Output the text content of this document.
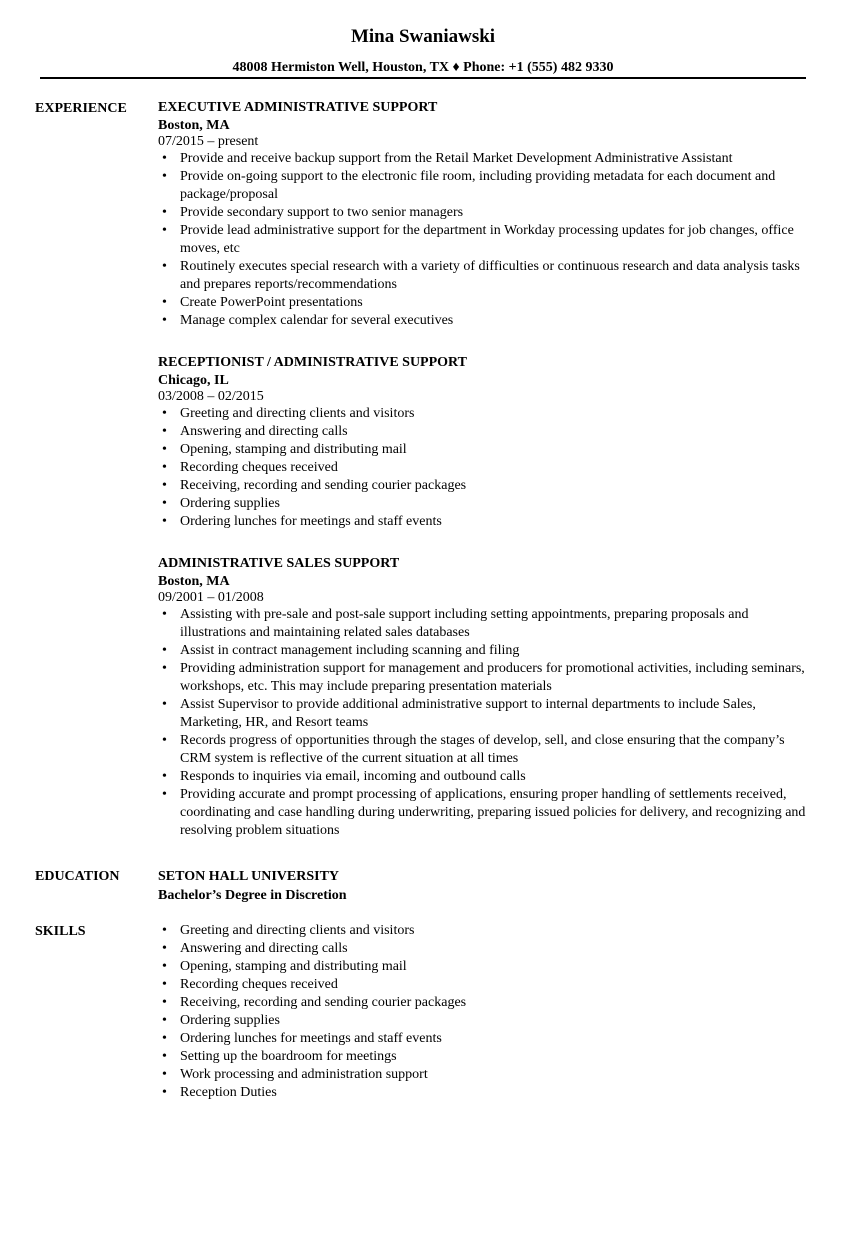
Mina Swaniawski
48008 Hermiston Well, Houston, TX ♦ Phone: +1 (555) 482 9330
EXPERIENCE EXECUTIVE ADMINISTRATIVE SUPPORT
Boston, MA
07/2015 – present
• Provide and receive backup support from the Retail Market Development Administrative Assistant
• Provide on-going support to the electronic file room, including providing metadata for each document and package/proposal
• Provide secondary support to two senior managers
• Provide lead administrative support for the department in Workday processing updates for job changes, office moves, etc
• Routinely executes special research with a variety of difficulties or continuous research and data analysis tasks and prepares reports/recommendations
• Create PowerPoint presentations
• Manage complex calendar for several executives
RECEPTIONIST / ADMINISTRATIVE SUPPORT
Chicago, IL
03/2008 – 02/2015
• Greeting and directing clients and visitors
• Answering and directing calls
• Opening, stamping and distributing mail
• Recording cheques received
• Receiving, recording and sending courier packages
• Ordering supplies
• Ordering lunches for meetings and staff events
ADMINISTRATIVE SALES SUPPORT
Boston, MA
09/2001 – 01/2008
• Assisting with pre-sale and post-sale support including setting appointments, preparing proposals and illustrations and maintaining related sales databases
• Assist in contract management including scanning and filing
• Providing administration support for management and producers for promotional activities, including seminars, workshops, etc. This may include preparing presentation materials
• Assist Supervisor to provide additional administrative support to internal departments to include Sales, Marketing, HR, and Resort teams
• Records progress of opportunities through the stages of develop, sell, and close ensuring that the company’s CRM system is reflective of the current situation at all times
• Responds to inquiries via email, incoming and outbound calls
• Providing accurate and prompt processing of applications, ensuring proper handling of settlements received, coordinating and case handling during underwriting, preparing issued policies for delivery, and recognizing and resolving problem situations
EDUCATION	SETON HALL UNIVERSITY
Bachelor’s Degree in Discretion
SKILLS
•	Greeting and directing clients and visitors
• Answering and directing calls
• Opening, stamping and distributing mail
• Recording cheques received
• Receiving, recording and sending courier packages
• Ordering supplies
• Ordering lunches for meetings and staff events
• Setting up the boardroom for meetings
• Work processing and administration support
• Reception Duties
